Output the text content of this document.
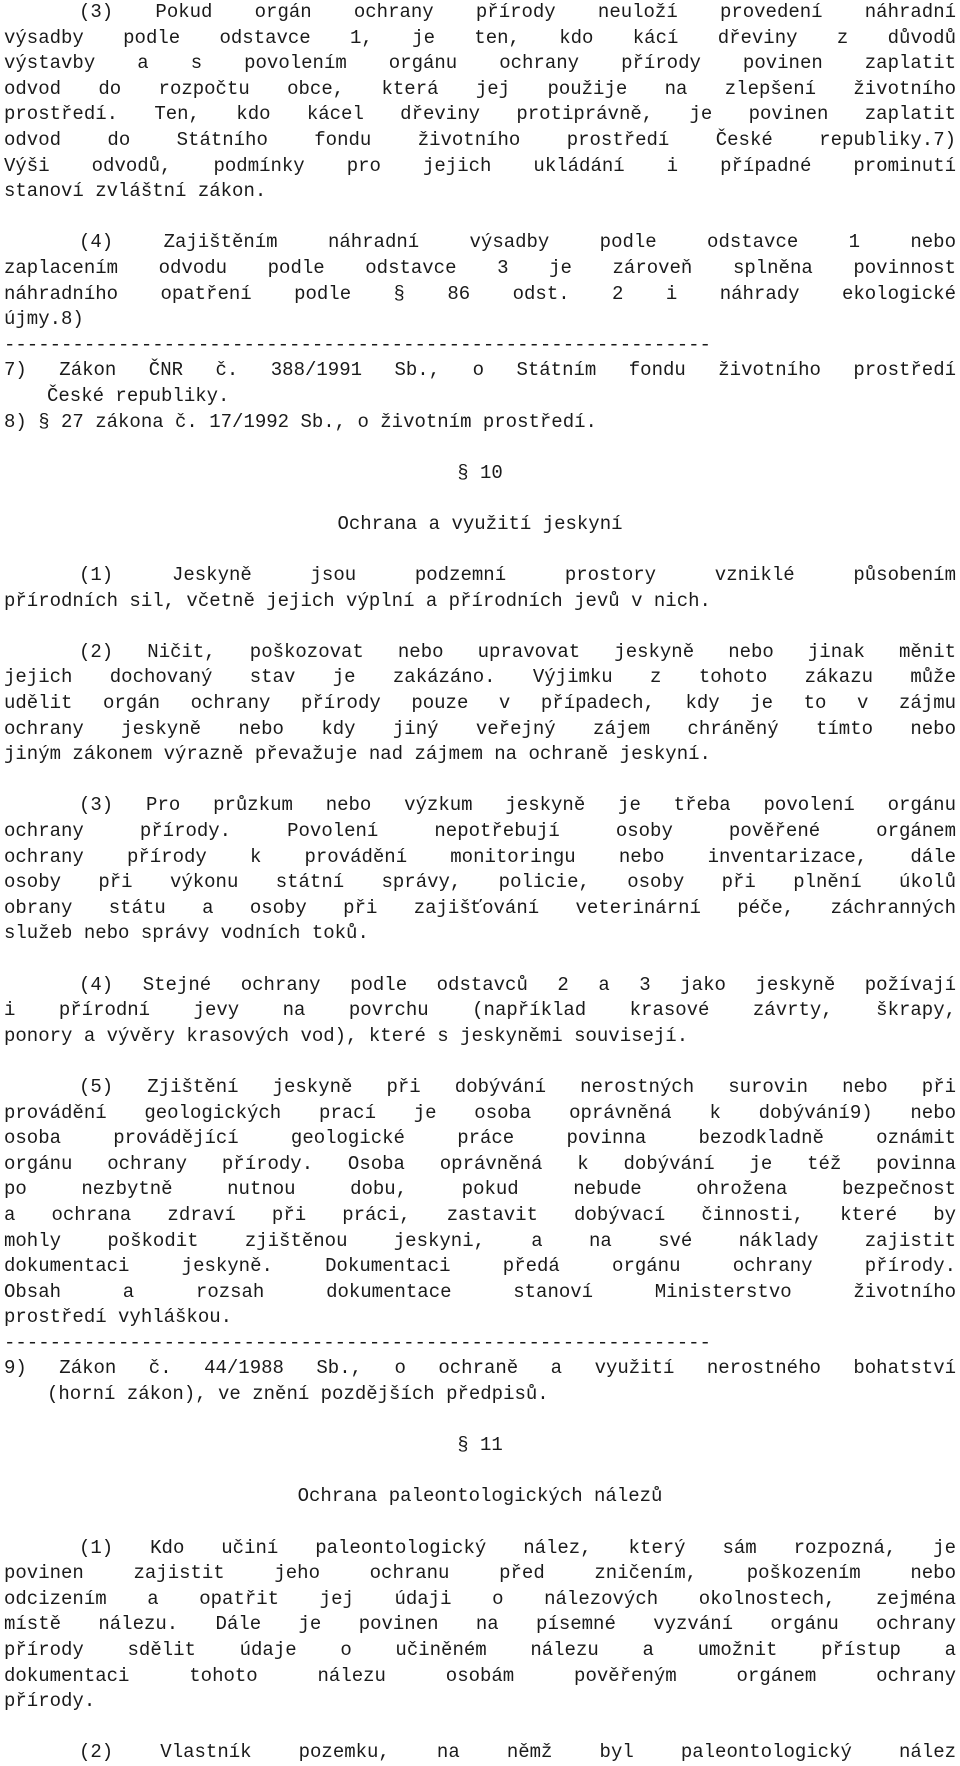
(3) Pokud orgán ochrany přírody neuloží provedení náhradní
výsadby podle odstavce 1, je ten, kdo kácí dřeviny z důvodů
výstavby a s povolením orgánu ochrany přírody povinen zaplatit
odvod do rozpočtu obce, která jej použije na zlepšení životního
prostředí. Ten, kdo kácel dřeviny protiprávně, je povinen zaplatit
odvod do Státního fondu životního prostředí České republiky.7)
Výši odvodů, podmínky pro jejich ukládání i případné prominutí
stanoví zvláštní zákon.
(4) Zajištěním náhradní výsadby podle odstavce 1 nebo
zaplacením odvodu podle odstavce 3 je zároveň splněna povinnost
náhradního opatření podle § 86 odst. 2 i náhrady ekologické
újmy.8)
--------------------------------------------------------------
7) Zákon ČNR č. 388/1991 Sb., o Státním fondu životního prostředí
České republiky.
8) § 27 zákona č. 17/1992 Sb., o životním prostředí.
§ 10
Ochrana a využití jeskyní
(1) Jeskyně jsou podzemní prostory vzniklé působením
přírodních sil, včetně jejich výplní a přírodních jevů v nich.
(2) Ničit, poškozovat nebo upravovat jeskyně nebo jinak měnit
jejich dochovaný stav je zakázáno. Výjimku z tohoto zákazu může
udělit orgán ochrany přírody pouze v případech, kdy je to v zájmu
ochrany jeskyně nebo kdy jiný veřejný zájem chráněný tímto nebo
jiným zákonem výrazně převažuje nad zájmem na ochraně jeskyní.
(3) Pro průzkum nebo výzkum jeskyně je třeba povolení orgánu
ochrany přírody. Povolení nepotřebují osoby pověřené orgánem
ochrany přírody k provádění monitoringu nebo inventarizace, dále
osoby při výkonu státní správy, policie, osoby při plnění úkolů
obrany státu a osoby při zajišťování veterinární péče, záchranných
služeb nebo správy vodních toků.
(4) Stejné ochrany podle odstavců 2 a 3 jako jeskyně požívají
i přírodní jevy na povrchu (například krasové závrty, škrapy,
ponory a vývěry krasových vod), které s jeskyněmi souvisejí.
(5) Zjištění jeskyně při dobývání nerostných surovin nebo při
provádění geologických prací je osoba oprávněná k dobývání9) nebo
osoba provádějící geologické práce povinna bezodkladně oznámit
orgánu ochrany přírody. Osoba oprávněná k dobývání je též povinna
po nezbytně nutnou dobu, pokud nebude ohrožena bezpečnost
a ochrana zdraví při práci, zastavit dobývací činnosti, které by
mohly poškodit zjištěnou jeskyni, a na své náklady zajistit
dokumentaci jeskyně. Dokumentaci předá orgánu ochrany přírody.
Obsah a rozsah dokumentace stanoví Ministerstvo životního
prostředí vyhláškou.
--------------------------------------------------------------
9) Zákon č. 44/1988 Sb., o ochraně a využití nerostného bohatství
(horní zákon), ve znění pozdějších předpisů.
§ 11
Ochrana paleontologických nálezů
(1) Kdo učiní paleontologický nález, který sám rozpozná, je
povinen zajistit jeho ochranu před zničením, poškozením nebo
odcizením a opatřit jej údaji o nálezových okolnostech, zejména
místě nálezu. Dále je povinen na písemné vyzvání orgánu ochrany
přírody sdělit údaje o učiněném nálezu a umožnit přístup a
dokumentaci tohoto nálezu osobám pověřeným orgánem ochrany
přírody.
(2) Vlastník pozemku, na němž byl paleontologický nález
